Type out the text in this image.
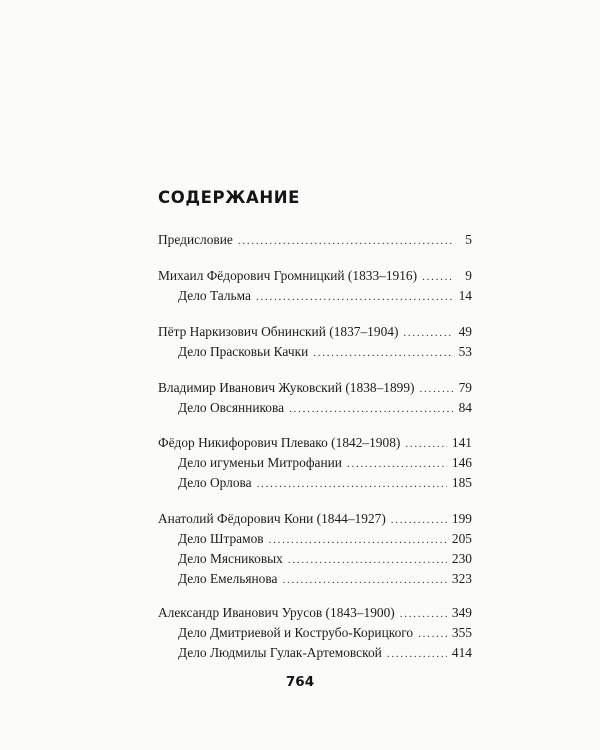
СОДЕРЖАНИЕ
Предисловие . . .	5
Михаил Фёдорович Громницкий (1833–1916) . . .	9
Дело Тальма . . .	14
Пётр Наркизович Обнинский (1837–1904) . . .	49
Дело Прасковьи Качки . . .	53
Владимир Иванович Жуковский (1838–1899) . . .	79
Дело Овсянникова . . .	84
Фёдор Никифорович Плевако (1842–1908) . . .	141
Дело игуменьи Митрофании . . .	146
Дело Орлова . . .	185
Анатолий Фёдорович Кони (1844–1927) . . .	199
Дело Штрамов . . .	205
Дело Мясниковых . . .	230
Дело Емельянова . . .	323
Александр Иванович Урусов (1843–1900) . . .	349
Дело Дмитриевой и Кострубо-Корицкого . . .	355
Дело Людмилы Гулак-Артемовской . . .	414
764
